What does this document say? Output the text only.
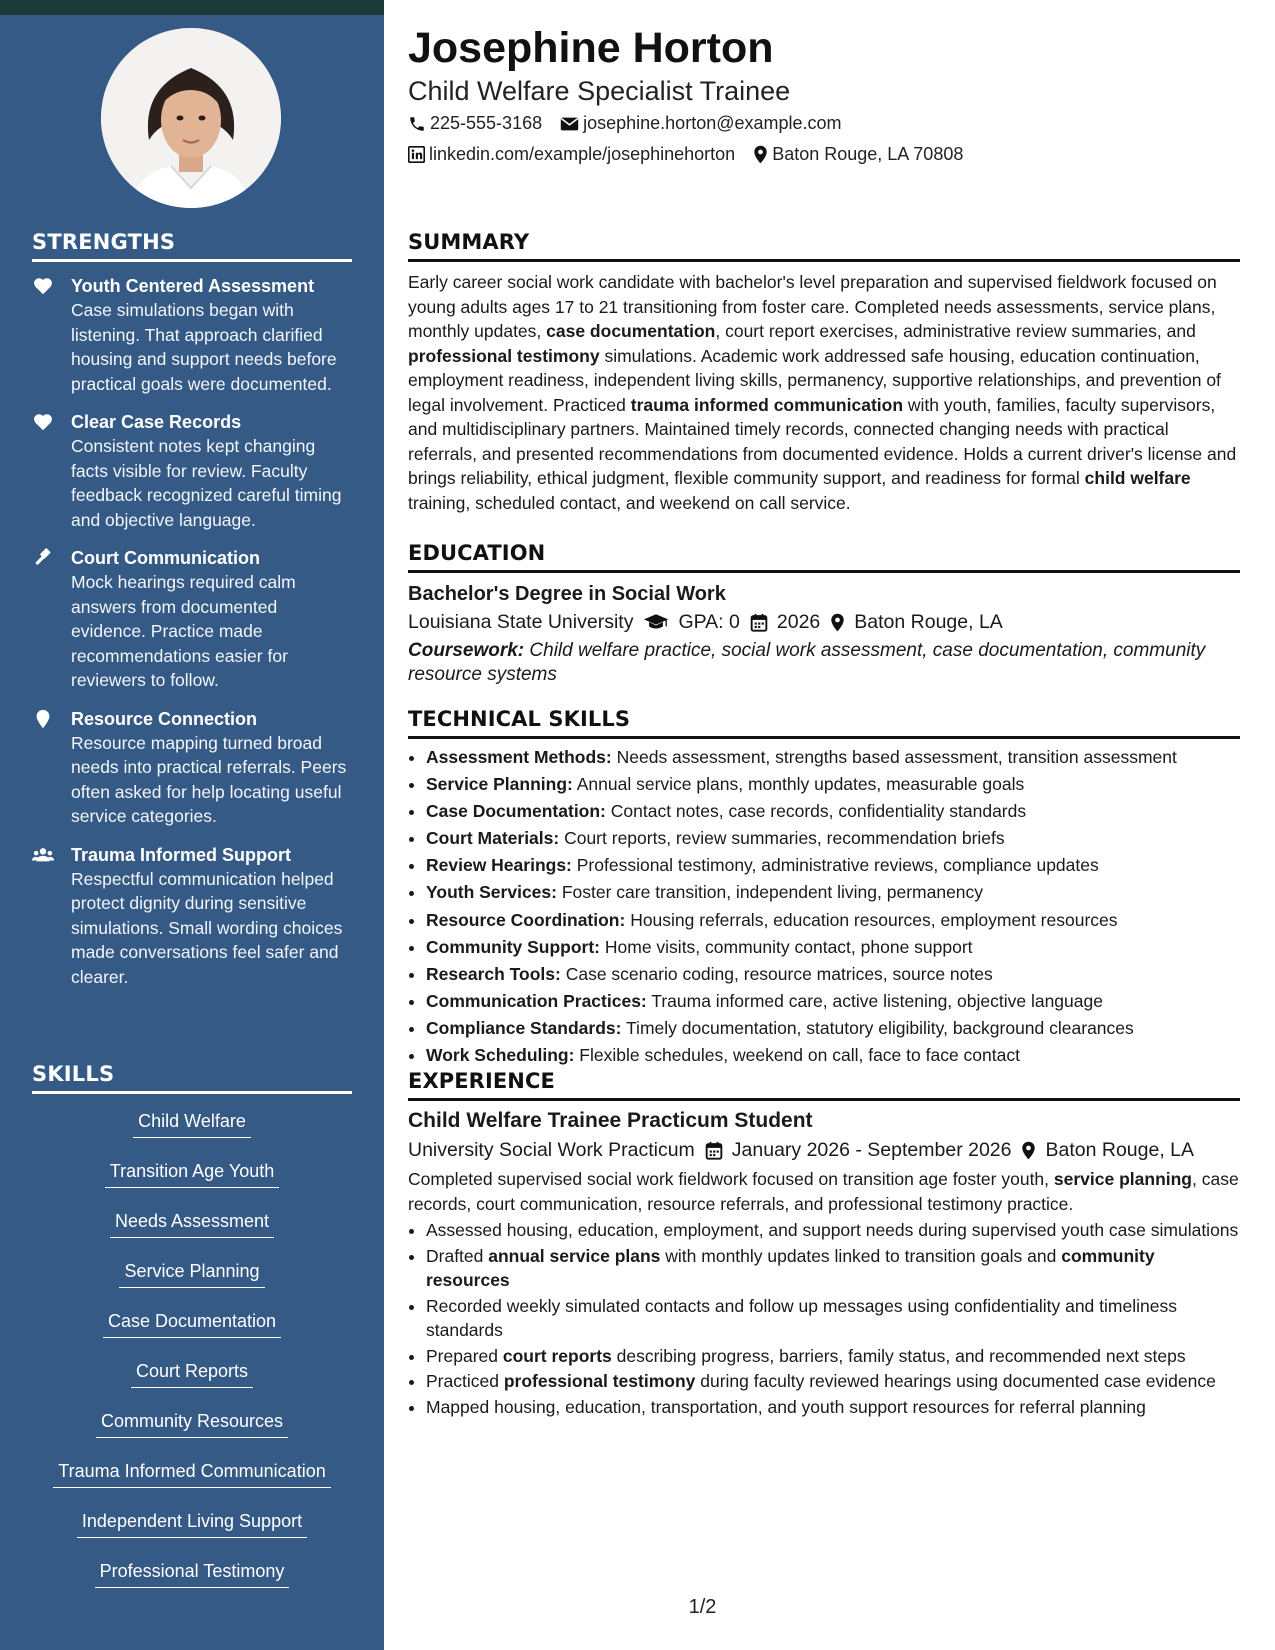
STRENGTHS
Youth Centered Assessment
Case simulations began with listening. That approach clarified housing and support needs before practical goals were documented.
Clear Case Records
Consistent notes kept changing facts visible for review. Faculty feedback recognized careful timing and objective language.
Court Communication
Mock hearings required calm answers from documented evidence. Practice made recommendations easier for reviewers to follow.
Resource Connection
Resource mapping turned broad needs into practical referrals. Peers often asked for help locating useful service categories.
Trauma Informed Support
Respectful communication helped protect dignity during sensitive simulations. Small wording choices made conversations feel safer and clearer.
SKILLS
Child Welfare
Transition Age Youth
Needs Assessment
Service Planning
Case Documentation
Court Reports
Community Resources
Trauma Informed Communication
Independent Living Support
Professional Testimony
Josephine Horton
Child Welfare Specialist Trainee
225-555-3168 josephine.horton@example.com
linkedin.com/example/josephinehorton Baton Rouge, LA 70808
SUMMARY

Early career social work candidate with bachelor's level preparation and supervised fieldwork focused on young adults ages 17 to 21 transitioning from foster care. Completed needs assessments, service plans, monthly updates, case documentation, court report exercises, administrative review summaries, and professional testimony simulations. Academic work addressed safe housing, education continuation, employment readiness, independent living skills, permanency, supportive relationships, and prevention of legal involvement. Practiced trauma informed communication with youth, families, faculty supervisors, and multidisciplinary partners. Maintained timely records, connected changing needs with practical referrals, and presented recommendations from documented evidence. Holds a current driver's license and brings reliability, ethical judgment, flexible community support, and readiness for formal child welfare training, scheduled contact, and weekend on call service.

EDUCATION
Bachelor's Degree in Social Work
Louisiana State University GPA: 0 2026 Baton Rouge, LA
Coursework: Child welfare practice, social work assessment, case documentation, community resource systems
TECHNICAL SKILLS
• Assessment Methods: Needs assessment, strengths based assessment, transition assessment
• Service Planning: Annual service plans, monthly updates, measurable goals
• Case Documentation: Contact notes, case records, confidentiality standards
• Court Materials: Court reports, review summaries, recommendation briefs
• Review Hearings: Professional testimony, administrative reviews, compliance updates
• Youth Services: Foster care transition, independent living, permanency
• Resource Coordination: Housing referrals, education resources, employment resources
• Community Support: Home visits, community contact, phone support
• Research Tools: Case scenario coding, resource matrices, source notes
• Communication Practices: Trauma informed care, active listening, objective language
• Compliance Standards: Timely documentation, statutory eligibility, background clearances
• Work Scheduling: Flexible schedules, weekend on call, face to face contact
EXPERIENCE
Child Welfare Trainee Practicum Student
University Social Work Practicum January 2026 - September 2026 Baton Rouge, LA

Completed supervised social work fieldwork focused on transition age foster youth, service planning, case records, court communication, resource referrals, and professional testimony practice.

• Assessed housing, education, employment, and support needs during supervised youth case simulations
• Drafted annual service plans with monthly updates linked to transition goals and community resources
• Recorded weekly simulated contacts and follow up messages using confidentiality and timeliness standards
• Prepared court reports describing progress, barriers, family status, and recommended next steps
• Practiced professional testimony during faculty reviewed hearings using documented case evidence
• Mapped housing, education, transportation, and youth support resources for referral planning
1/2
